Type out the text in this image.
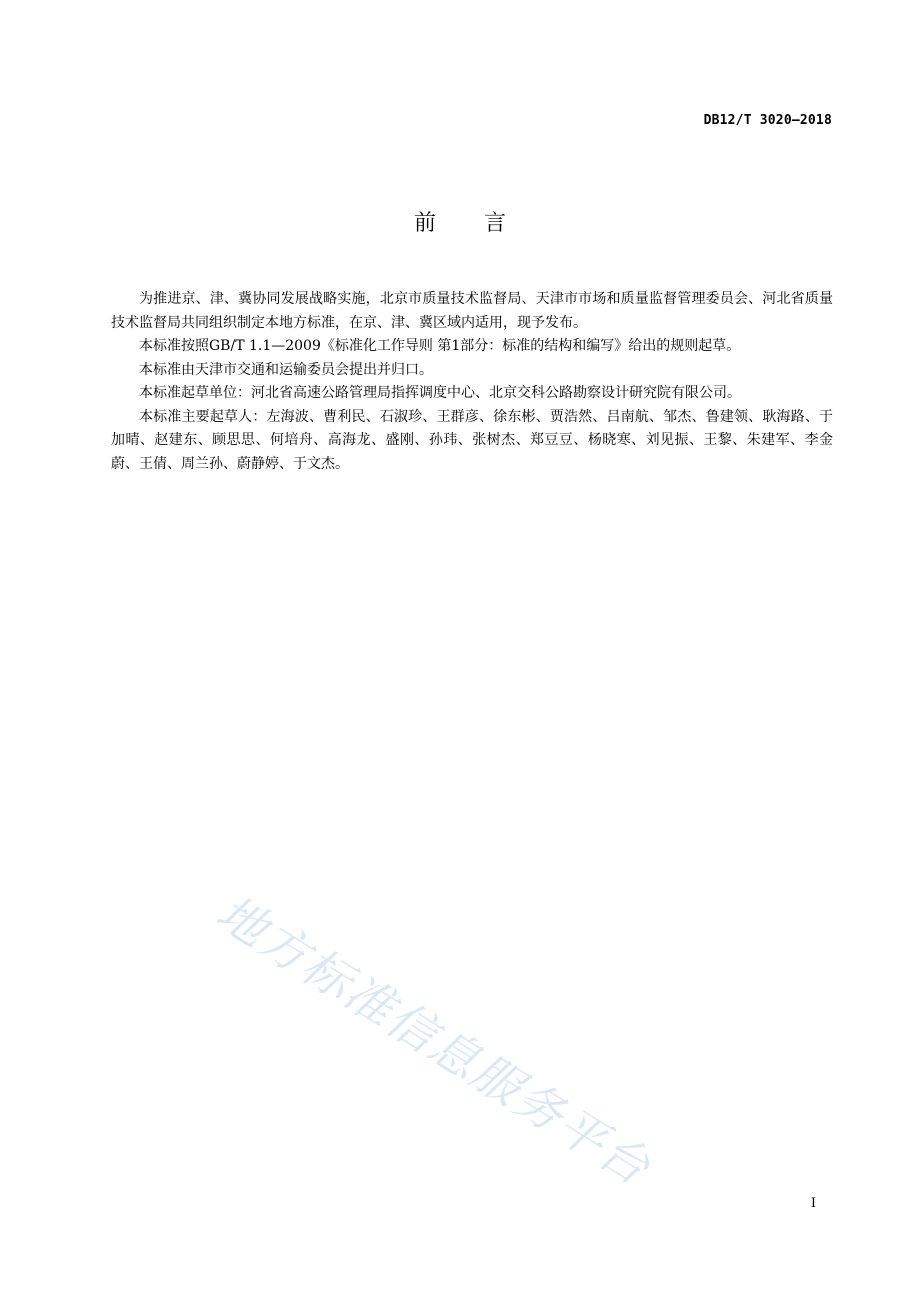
DB12/T 3020—2018
前言

为推进京、津、冀协同发展战略实施，北京市质量技术监督局、天津市市场和质量监督管理委员会、河北省质量技术监督局共同组织制定本地方标准，在京、津、冀区域内适用，现予发布。

本标准按照GB/T 1.1—2009《标准化工作导则 第1部分：标准的结构和编写》给出的规则起草。

本标准由天津市交通和运输委员会提出并归口。

本标准起草单位：河北省高速公路管理局指挥调度中心、北京交科公路勘察设计研究院有限公司。

本标准主要起草人：左海波、曹利民、石淑珍、王群彦、徐东彬、贾浩然、吕南航、邹杰、鲁建领、耿海路、于加晴、赵建东、顾思思、何培舟、高海龙、盛刚、孙玮、张树杰、郑豆豆、杨晓寒、刘见振、王黎、朱建军、李金蔚、王倩、周兰孙、蔚静婷、于文杰。

地方标准信息服务平台
I
